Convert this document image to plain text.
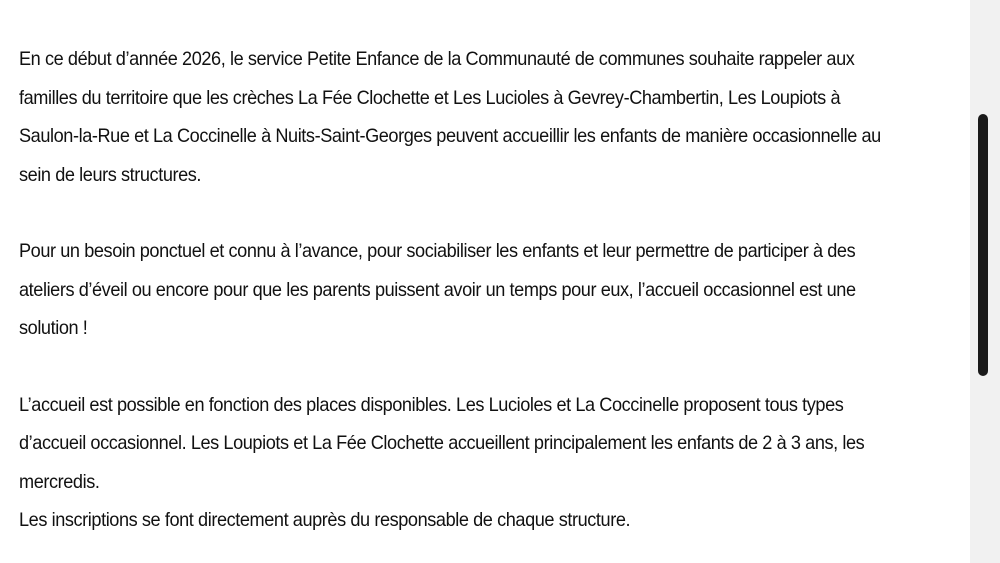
En ce début d’année 2026, le service Petite Enfance de la Communauté de communes souhaite rappeler aux familles du territoire que les crèches La Fée Clochette et Les Lucioles à Gevrey-Chambertin, Les Loupiots à Saulon-la-Rue et La Coccinelle à Nuits-Saint-Georges peuvent accueillir les enfants de manière occasionnelle au sein de leurs structures.

Pour un besoin ponctuel et connu à l’avance, pour sociabiliser les enfants et leur permettre de participer à des ateliers d’éveil ou encore pour que les parents puissent avoir un temps pour eux, l’accueil occasionnel est une solution !

L’accueil est possible en fonction des places disponibles. Les Lucioles et La Coccinelle proposent tous types d’accueil occasionnel. Les Loupiots et La Fée Clochette accueillent principalement les enfants de 2 à 3 ans, les mercredis.

Les inscriptions se font directement auprès du responsable de chaque structure.
